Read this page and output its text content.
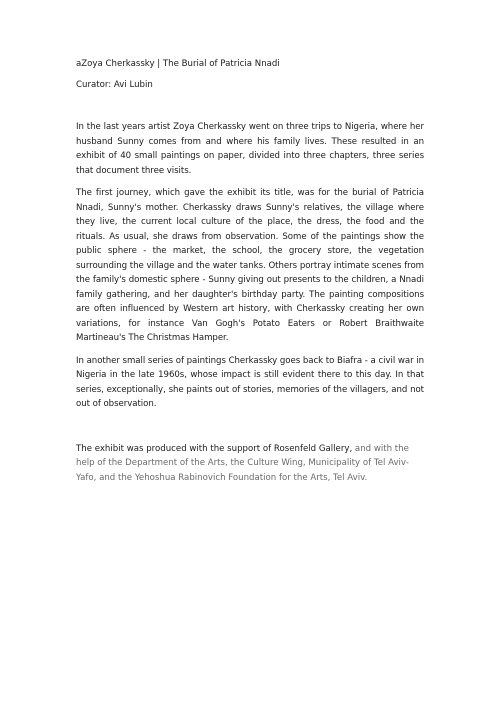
aZoya Cherkassky | The Burial of Patricia Nnadi

Curator: Avi Lubin

In the last years artist Zoya Cherkassky went on three trips to Nigeria, where her husband Sunny comes from and where his family lives. These resulted in an exhibit of 40 small paintings on paper, divided into three chapters, three series that document three visits.

The first journey, which gave the exhibit its title, was for the burial of Patricia Nnadi, Sunny's mother. Cherkassky draws Sunny's relatives, the village where they live, the current local culture of the place, the dress, the food and the rituals. As usual, she draws from observation. Some of the paintings show the public sphere - the market, the school, the grocery store, the vegetation surrounding the village and the water tanks. Others portray intimate scenes from the family's domestic sphere - Sunny giving out presents to the children, a Nnadi family gathering, and her daughter's birthday party. The painting compositions are often influenced by Western art history, with Cherkassky creating her own variations, for instance Van Gogh's Potato Eaters or Robert Braithwaite Martineau's The Christmas Hamper.

In another small series of paintings Cherkassky goes back to Biafra - a civil war in Nigeria in the late 1960s, whose impact is still evident there to this day. In that series, exceptionally, she paints out of stories, memories of the villagers, and not out of observation.

The exhibit was produced with the support of Rosenfeld Gallery, and with the help of the Department of the Arts, the Culture Wing, Municipality of Tel Aviv-Yafo, and the Yehoshua Rabinovich Foundation for the Arts, Tel Aviv.
